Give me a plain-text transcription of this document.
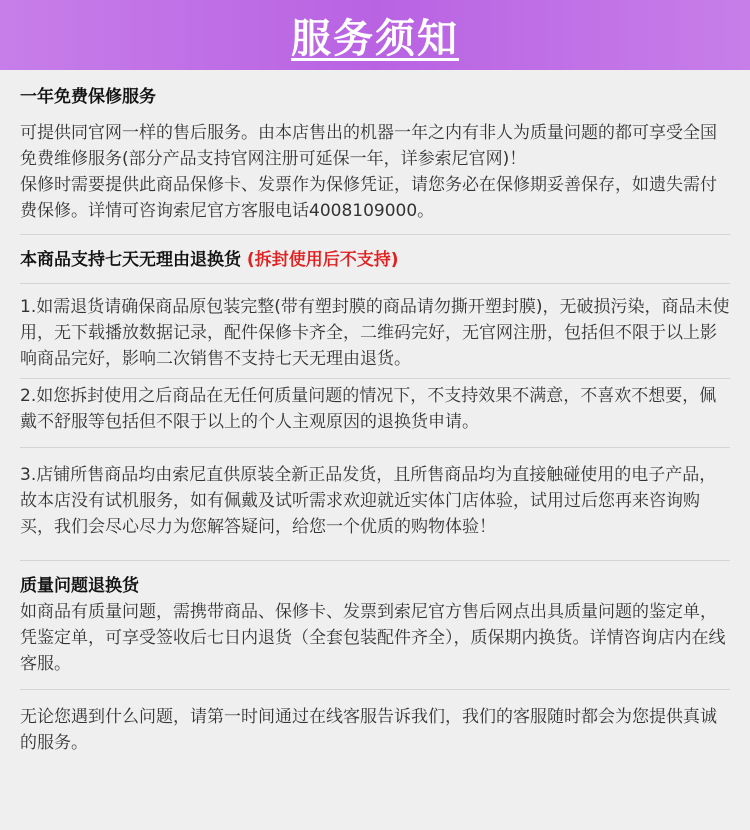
服务须知
一年免费保修服务

可提供同官网一样的售后服务。由本店售出的机器一年之内有非人为质量问题的都可享受全国免费维修服务(部分产品支持官网注册可延保一年，详参索尼官网)！

保修时需要提供此商品保修卡、发票作为保修凭证，请您务必在保修期妥善保存，如遗失需付费保修。详情可咨询索尼官方客服电话4008109000。

本商品支持七天无理由退换货 (拆封使用后不支持)

1.如需退货请确保商品原包装完整(带有塑封膜的商品请勿撕开塑封膜)，无破损污染，商品未使用，无下载播放数据记录，配件保修卡齐全，二维码完好，无官网注册，包括但不限于以上影响商品完好，影响二次销售不支持七天无理由退货。

2.如您拆封使用之后商品在无任何质量问题的情况下，不支持效果不满意，不喜欢不想要，佩戴不舒服等包括但不限于以上的个人主观原因的退换货申请。

3.店铺所售商品均由索尼直供原装全新正品发货，且所售商品均为直接触碰使用的电子产品，故本店没有试机服务，如有佩戴及试听需求欢迎就近实体门店体验，试用过后您再来咨询购买，我们会尽心尽力为您解答疑问，给您一个优质的购物体验！

质量问题退换货

如商品有质量问题，需携带商品、保修卡、发票到索尼官方售后网点出具质量问题的鉴定单，凭鉴定单，可享受签收后七日内退货（全套包装配件齐全），质保期内换货。详情咨询店内在线客服。

无论您遇到什么问题，请第一时间通过在线客服告诉我们，我们的客服随时都会为您提供真诚的服务。
